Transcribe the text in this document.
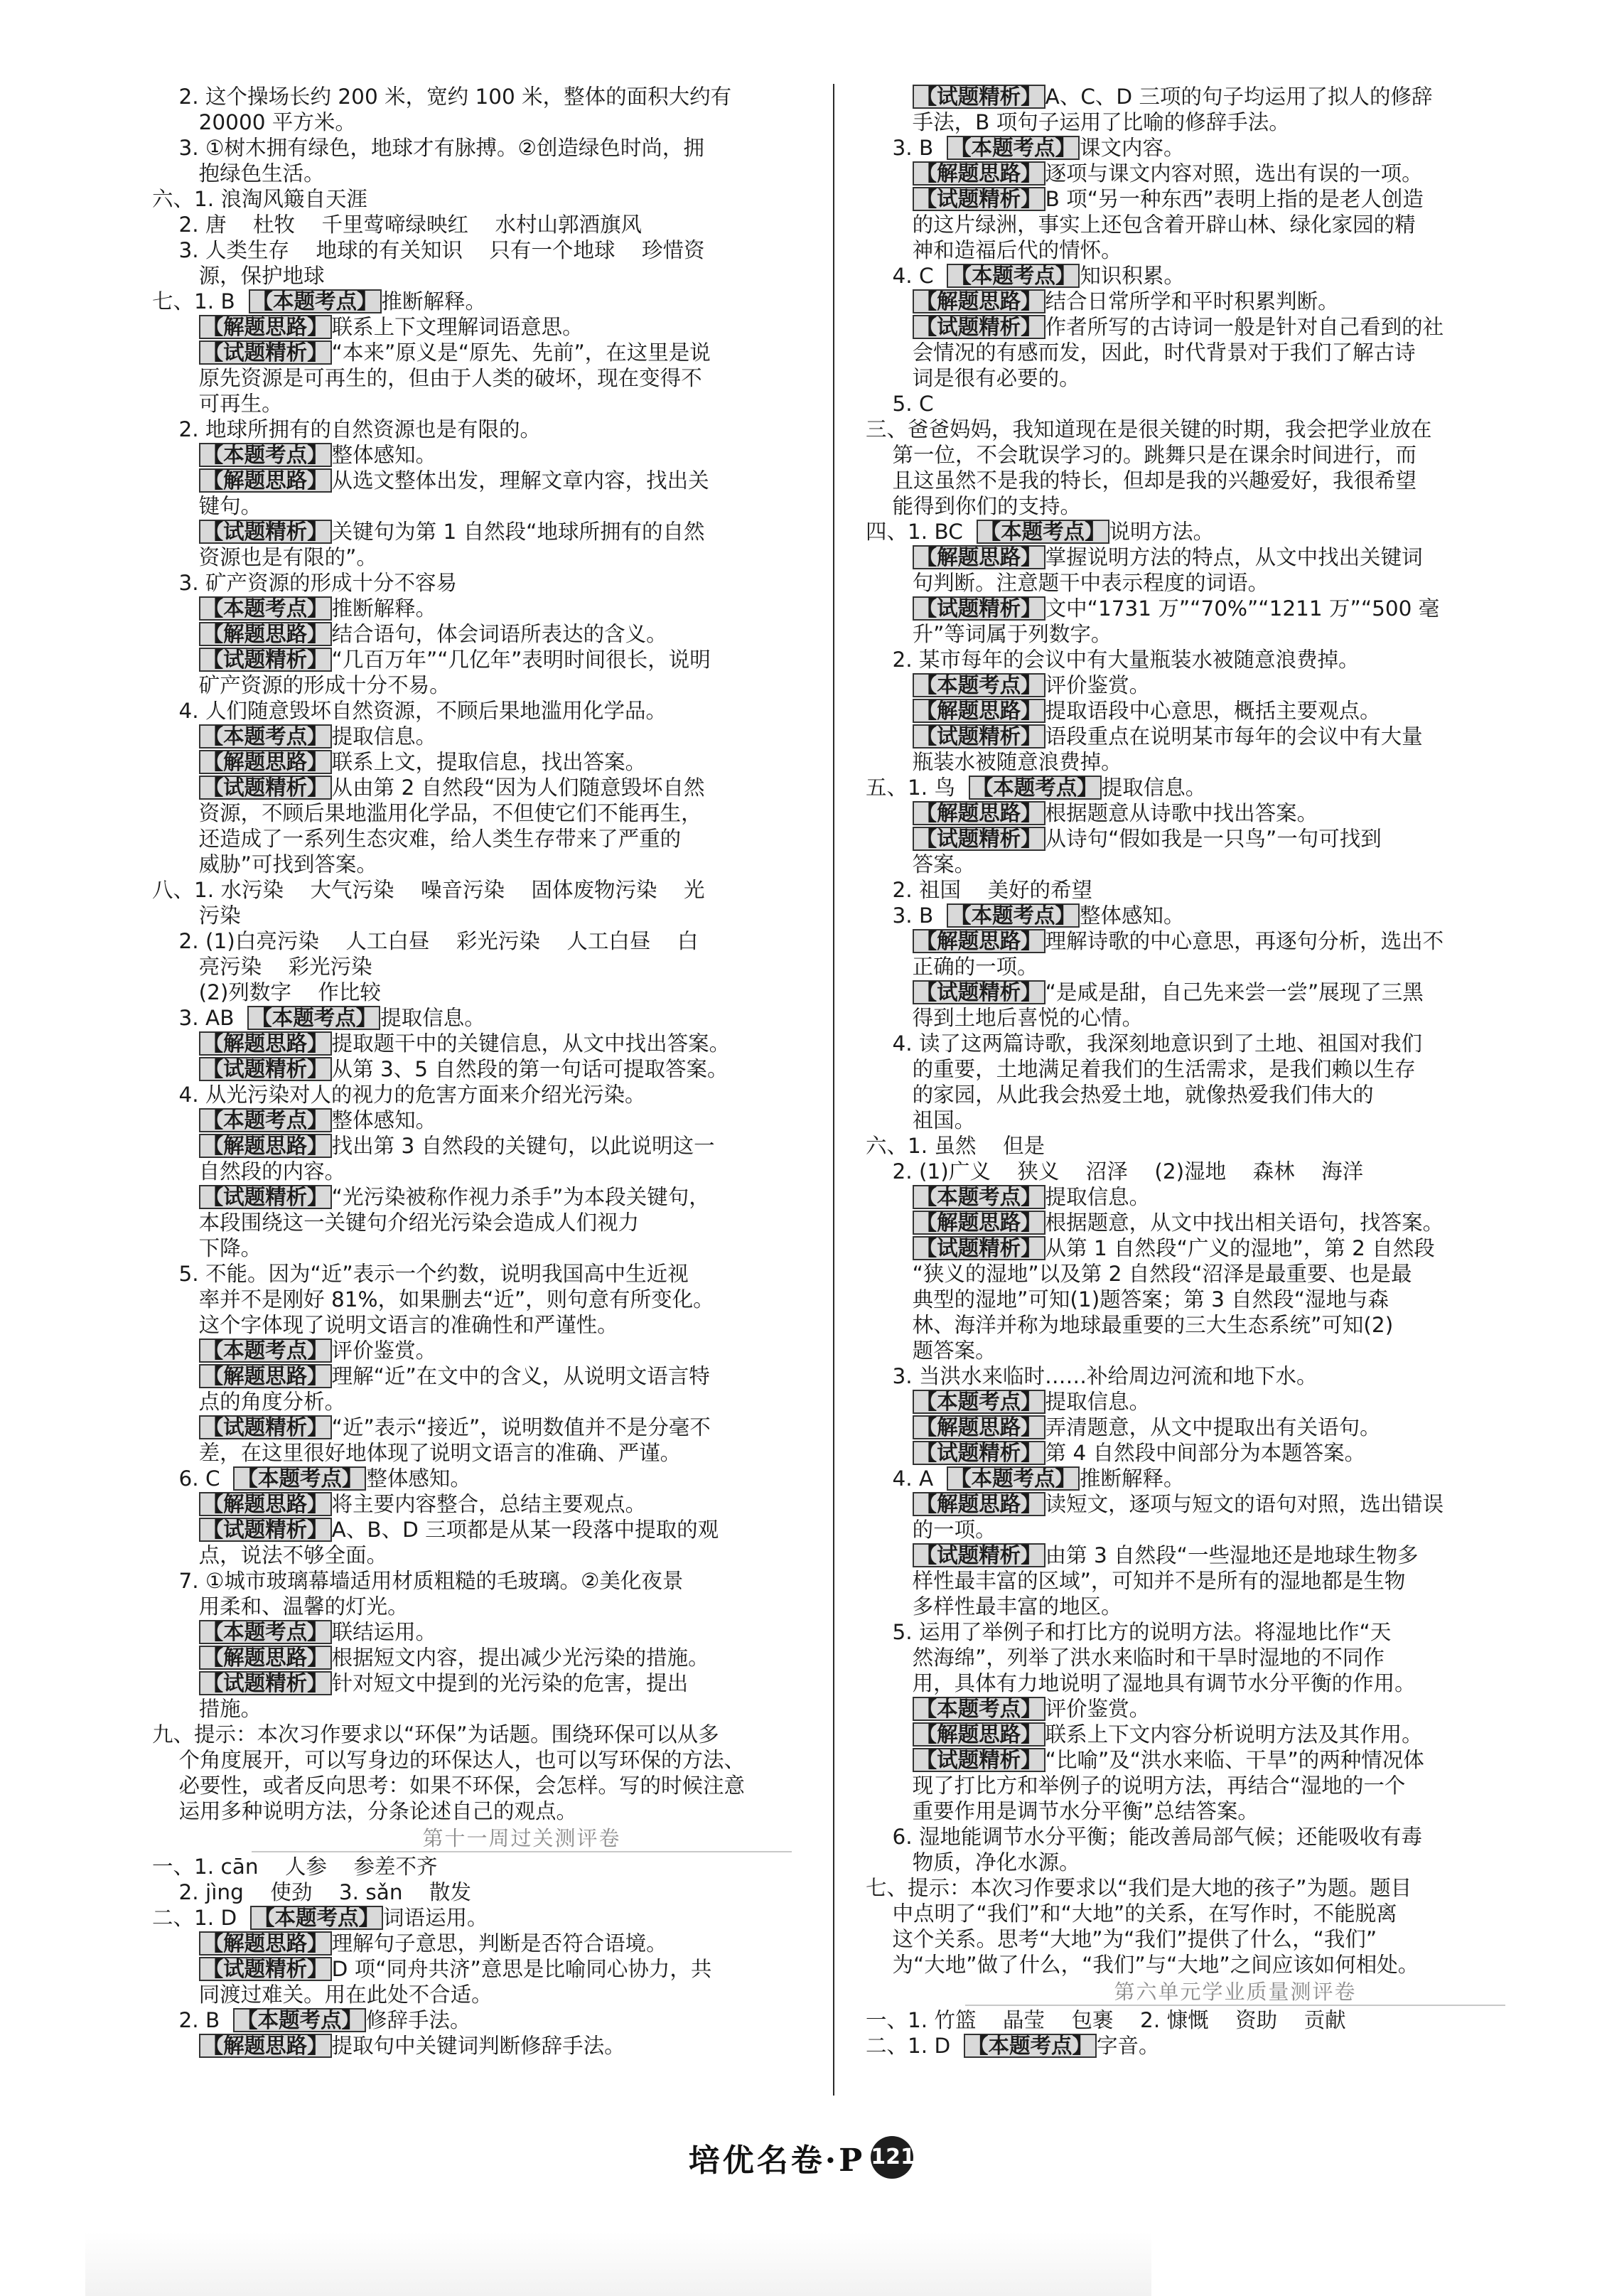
2. 这个操场长约 200 米，宽约 100 米，整体的面积大约有
20000 平方米。
3. ①树木拥有绿色，地球才有脉搏。②创造绿色时尚，拥
抱绿色生活。
六、1. 浪淘风簸自天涯
2. 唐    杜牧    千里莺啼绿映红    水村山郭酒旗风
3. 人类生存    地球的有关知识    只有一个地球    珍惜资
源，保护地球
七、1. B  【本题考点】 推断解释。
【解题思路】 联系上下文理解词语意思。
【试题精析】 “本来”原义是“原先、先前”，在这里是说
原先资源是可再生的，但由于人类的破坏，现在变得不
可再生。
2. 地球所拥有的自然资源也是有限的。
【本题考点】 整体感知。
【解题思路】 从选文整体出发，理解文章内容，找出关
键句。
【试题精析】 关键句为第 1 自然段“地球所拥有的自然
资源也是有限的”。
3. 矿产资源的形成十分不容易
【本题考点】 推断解释。
【解题思路】 结合语句，体会词语所表达的含义。
【试题精析】 “几百万年”“几亿年”表明时间很长，说明
矿产资源的形成十分不易。
4. 人们随意毁坏自然资源，不顾后果地滥用化学品。
【本题考点】 提取信息。
【解题思路】 联系上文，提取信息，找出答案。
【试题精析】 从由第 2 自然段“因为人们随意毁坏自然
资源，不顾后果地滥用化学品，不但使它们不能再生，
还造成了一系列生态灾难，给人类生存带来了严重的
威胁”可找到答案。
八、1. 水污染    大气污染    噪音污染    固体废物污染    光
污染
2. (1)白亮污染    人工白昼    彩光污染    人工白昼    白
亮污染    彩光污染
(2)列数字    作比较
3. AB  【本题考点】 提取信息。
【解题思路】 提取题干中的关键信息，从文中找出答案。
【试题精析】 从第 3、5 自然段的第一句话可提取答案。
4. 从光污染对人的视力的危害方面来介绍光污染。
【本题考点】 整体感知。
【解题思路】 找出第 3 自然段的关键句，以此说明这一
自然段的内容。
【试题精析】 “光污染被称作视力杀手”为本段关键句，
本段围绕这一关键句介绍光污染会造成人们视力
下降。
5. 不能。因为“近”表示一个约数，说明我国高中生近视
率并不是刚好 81%，如果删去“近”，则句意有所变化。
这个字体现了说明文语言的准确性和严谨性。
【本题考点】 评价鉴赏。
【解题思路】 理解“近”在文中的含义，从说明文语言特
点的角度分析。
【试题精析】 “近”表示“接近”，说明数值并不是分毫不
差，在这里很好地体现了说明文语言的准确、严谨。
6. C  【本题考点】 整体感知。
【解题思路】 将主要内容整合，总结主要观点。
【试题精析】 A、B、D 三项都是从某一段落中提取的观
点，说法不够全面。
7. ①城市玻璃幕墙适用材质粗糙的毛玻璃。②美化夜景
用柔和、温馨的灯光。
【本题考点】 联结运用。
【解题思路】 根据短文内容，提出减少光污染的措施。
【试题精析】 针对短文中提到的光污染的危害，提出
措施。
九、提示：本次习作要求以“环保”为话题。围绕环保可以从多
个角度展开，可以写身边的环保达人，也可以写环保的方法、
必要性，或者反向思考：如果不环保，会怎样。写的时候注意
运用多种说明方法，分条论述自己的观点。
第十一周过关测评卷
一、1. cān    人参    参差不齐
2. jìng    使劲    3. sǎn    散发
二、1. D  【本题考点】 词语运用。
【解题思路】 理解句子意思，判断是否符合语境。
【试题精析】 D 项“同舟共济”意思是比喻同心协力，共
同渡过难关。用在此处不合适。
2. B  【本题考点】 修辞手法。
【解题思路】 提取句中关键词判断修辞手法。
【试题精析】 A、C、D 三项的句子均运用了拟人的修辞
手法，B 项句子运用了比喻的修辞手法。
3. B  【本题考点】 课文内容。
【解题思路】 逐项与课文内容对照，选出有误的一项。
【试题精析】 B 项“另一种东西”表明上指的是老人创造
的这片绿洲，事实上还包含着开辟山林、绿化家园的精
神和造福后代的情怀。
4. C  【本题考点】 知识积累。
【解题思路】 结合日常所学和平时积累判断。
【试题精析】 作者所写的古诗词一般是针对自己看到的社
会情况的有感而发，因此，时代背景对于我们了解古诗
词是很有必要的。
5. C
三、爸爸妈妈，我知道现在是很关键的时期，我会把学业放在
第一位，不会耽误学习的。跳舞只是在课余时间进行，而
且这虽然不是我的特长，但却是我的兴趣爱好，我很希望
能得到你们的支持。
四、1. BC  【本题考点】 说明方法。
【解题思路】 掌握说明方法的特点，从文中找出关键词
句判断。注意题干中表示程度的词语。
【试题精析】 文中“1731 万”“70%”“1211 万”“500 毫
升”等词属于列数字。
2. 某市每年的会议中有大量瓶装水被随意浪费掉。
【本题考点】 评价鉴赏。
【解题思路】 提取语段中心意思，概括主要观点。
【试题精析】 语段重点在说明某市每年的会议中有大量
瓶装水被随意浪费掉。
五、1. 鸟  【本题考点】 提取信息。
【解题思路】 根据题意从诗歌中找出答案。
【试题精析】 从诗句“假如我是一只鸟”一句可找到
答案。
2. 祖国    美好的希望
3. B  【本题考点】 整体感知。
【解题思路】 理解诗歌的中心意思，再逐句分析，选出不
正确的一项。
【试题精析】 “是咸是甜，自己先来尝一尝”展现了三黑
得到土地后喜悦的心情。
4. 读了这两篇诗歌，我深刻地意识到了土地、祖国对我们
的重要，土地满足着我们的生活需求，是我们赖以生存
的家园，从此我会热爱土地，就像热爱我们伟大的
祖国。
六、1. 虽然    但是
2. (1)广义    狭义    沼泽    (2)湿地    森林    海洋
【本题考点】 提取信息。
【解题思路】 根据题意，从文中找出相关语句，找答案。
【试题精析】 从第 1 自然段“广义的湿地”，第 2 自然段
“狭义的湿地”以及第 2 自然段“沼泽是最重要、也是最
典型的湿地”可知(1)题答案；第 3 自然段“湿地与森
林、海洋并称为地球最重要的三大生态系统”可知(2)
题答案。
3. 当洪水来临时……补给周边河流和地下水。
【本题考点】 提取信息。
【解题思路】 弄清题意，从文中提取出有关语句。
【试题精析】 第 4 自然段中间部分为本题答案。
4. A  【本题考点】 推断解释。
【解题思路】 读短文，逐项与短文的语句对照，选出错误
的一项。
【试题精析】 由第 3 自然段“一些湿地还是地球生物多
样性最丰富的区域”，可知并不是所有的湿地都是生物
多样性最丰富的地区。
5. 运用了举例子和打比方的说明方法。将湿地比作“天
然海绵”，列举了洪水来临时和干旱时湿地的不同作
用，具体有力地说明了湿地具有调节水分平衡的作用。
【本题考点】 评价鉴赏。
【解题思路】 联系上下文内容分析说明方法及其作用。
【试题精析】 “比喻”及“洪水来临、干旱”的两种情况体
现了打比方和举例子的说明方法，再结合“湿地的一个
重要作用是调节水分平衡”总结答案。
6. 湿地能调节水分平衡；能改善局部气候；还能吸收有毒
物质，净化水源。
七、提示：本次习作要求以“我们是大地的孩子”为题。题目
中点明了“我们”和“大地”的关系，在写作时，不能脱离
这个关系。思考“大地”为“我们”提供了什么，“我们”
为“大地”做了什么，“我们”与“大地”之间应该如何相处。
第六单元学业质量测评卷
一、1. 竹篮    晶莹    包裹    2. 慷慨    资助    贡献
二、1. D  【本题考点】 字音。
培优名卷·P 121
